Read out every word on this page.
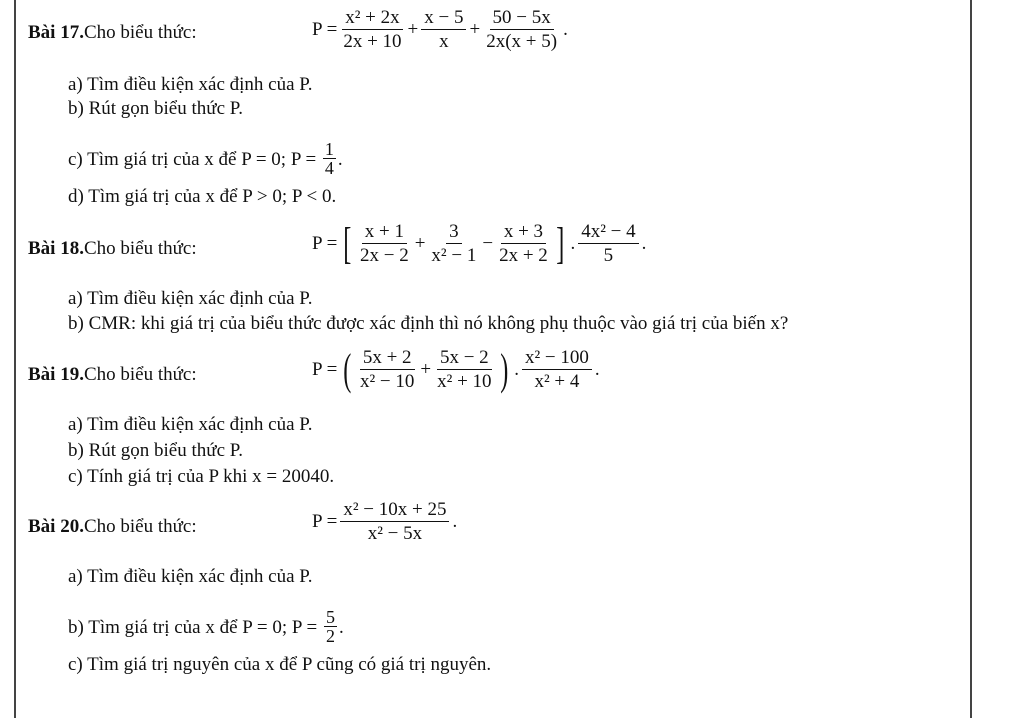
Bài 17.Cho biểu thức:	$P = \frac{\text{x² + 2x}}{2x + 10} + \frac{x - 5}{x} + \frac{50 - 5x}{2x(x + 5)}$ .
a) Tìm điều kiện xác định của P.
b) Rút gọn biểu thức P.
c) Tìm giá trị của x để P = 0; $P = \frac{1}{4}$ .
d) Tìm giá trị của x để P > 0; P < 0.
Bài 18.Cho biểu thức:	P = [ $\frac{x + 1}{2x - 2} + \frac{3}{\text{x² − 1}} - \frac{x + 3}{2x + 2}$ ] . $\frac{\text{4x² − 4}}{5}$ .
a) Tìm điều kiện xác định của P.
b) CMR: khi giá trị của biểu thức được xác định thì nó không phụ thuộc vào giá trị của biến x?
Bài 19.Cho biểu thức:	P = ( $\frac{5x + 2}{\text{x² − 10}} + \frac{5x - 2}{\text{x² + 10}}$ ) . $\frac{\text{x² − 100}}{\text{x² + 4}}$ .
a) Tìm điều kiện xác định của P.
b) Rút gọn biểu thức P.
c) Tính giá trị của P khi x = 20040.
Bài 20.Cho biểu thức:	$P = \frac{\text{x² − 10x + 25}}{\text{x² − 5x}}$ .
a) Tìm điều kiện xác định của P.
b) Tìm giá trị của x để P = 0; $P = \frac{5}{2}$ .
c) Tìm giá trị nguyên của x để P cũng có giá trị nguyên.
